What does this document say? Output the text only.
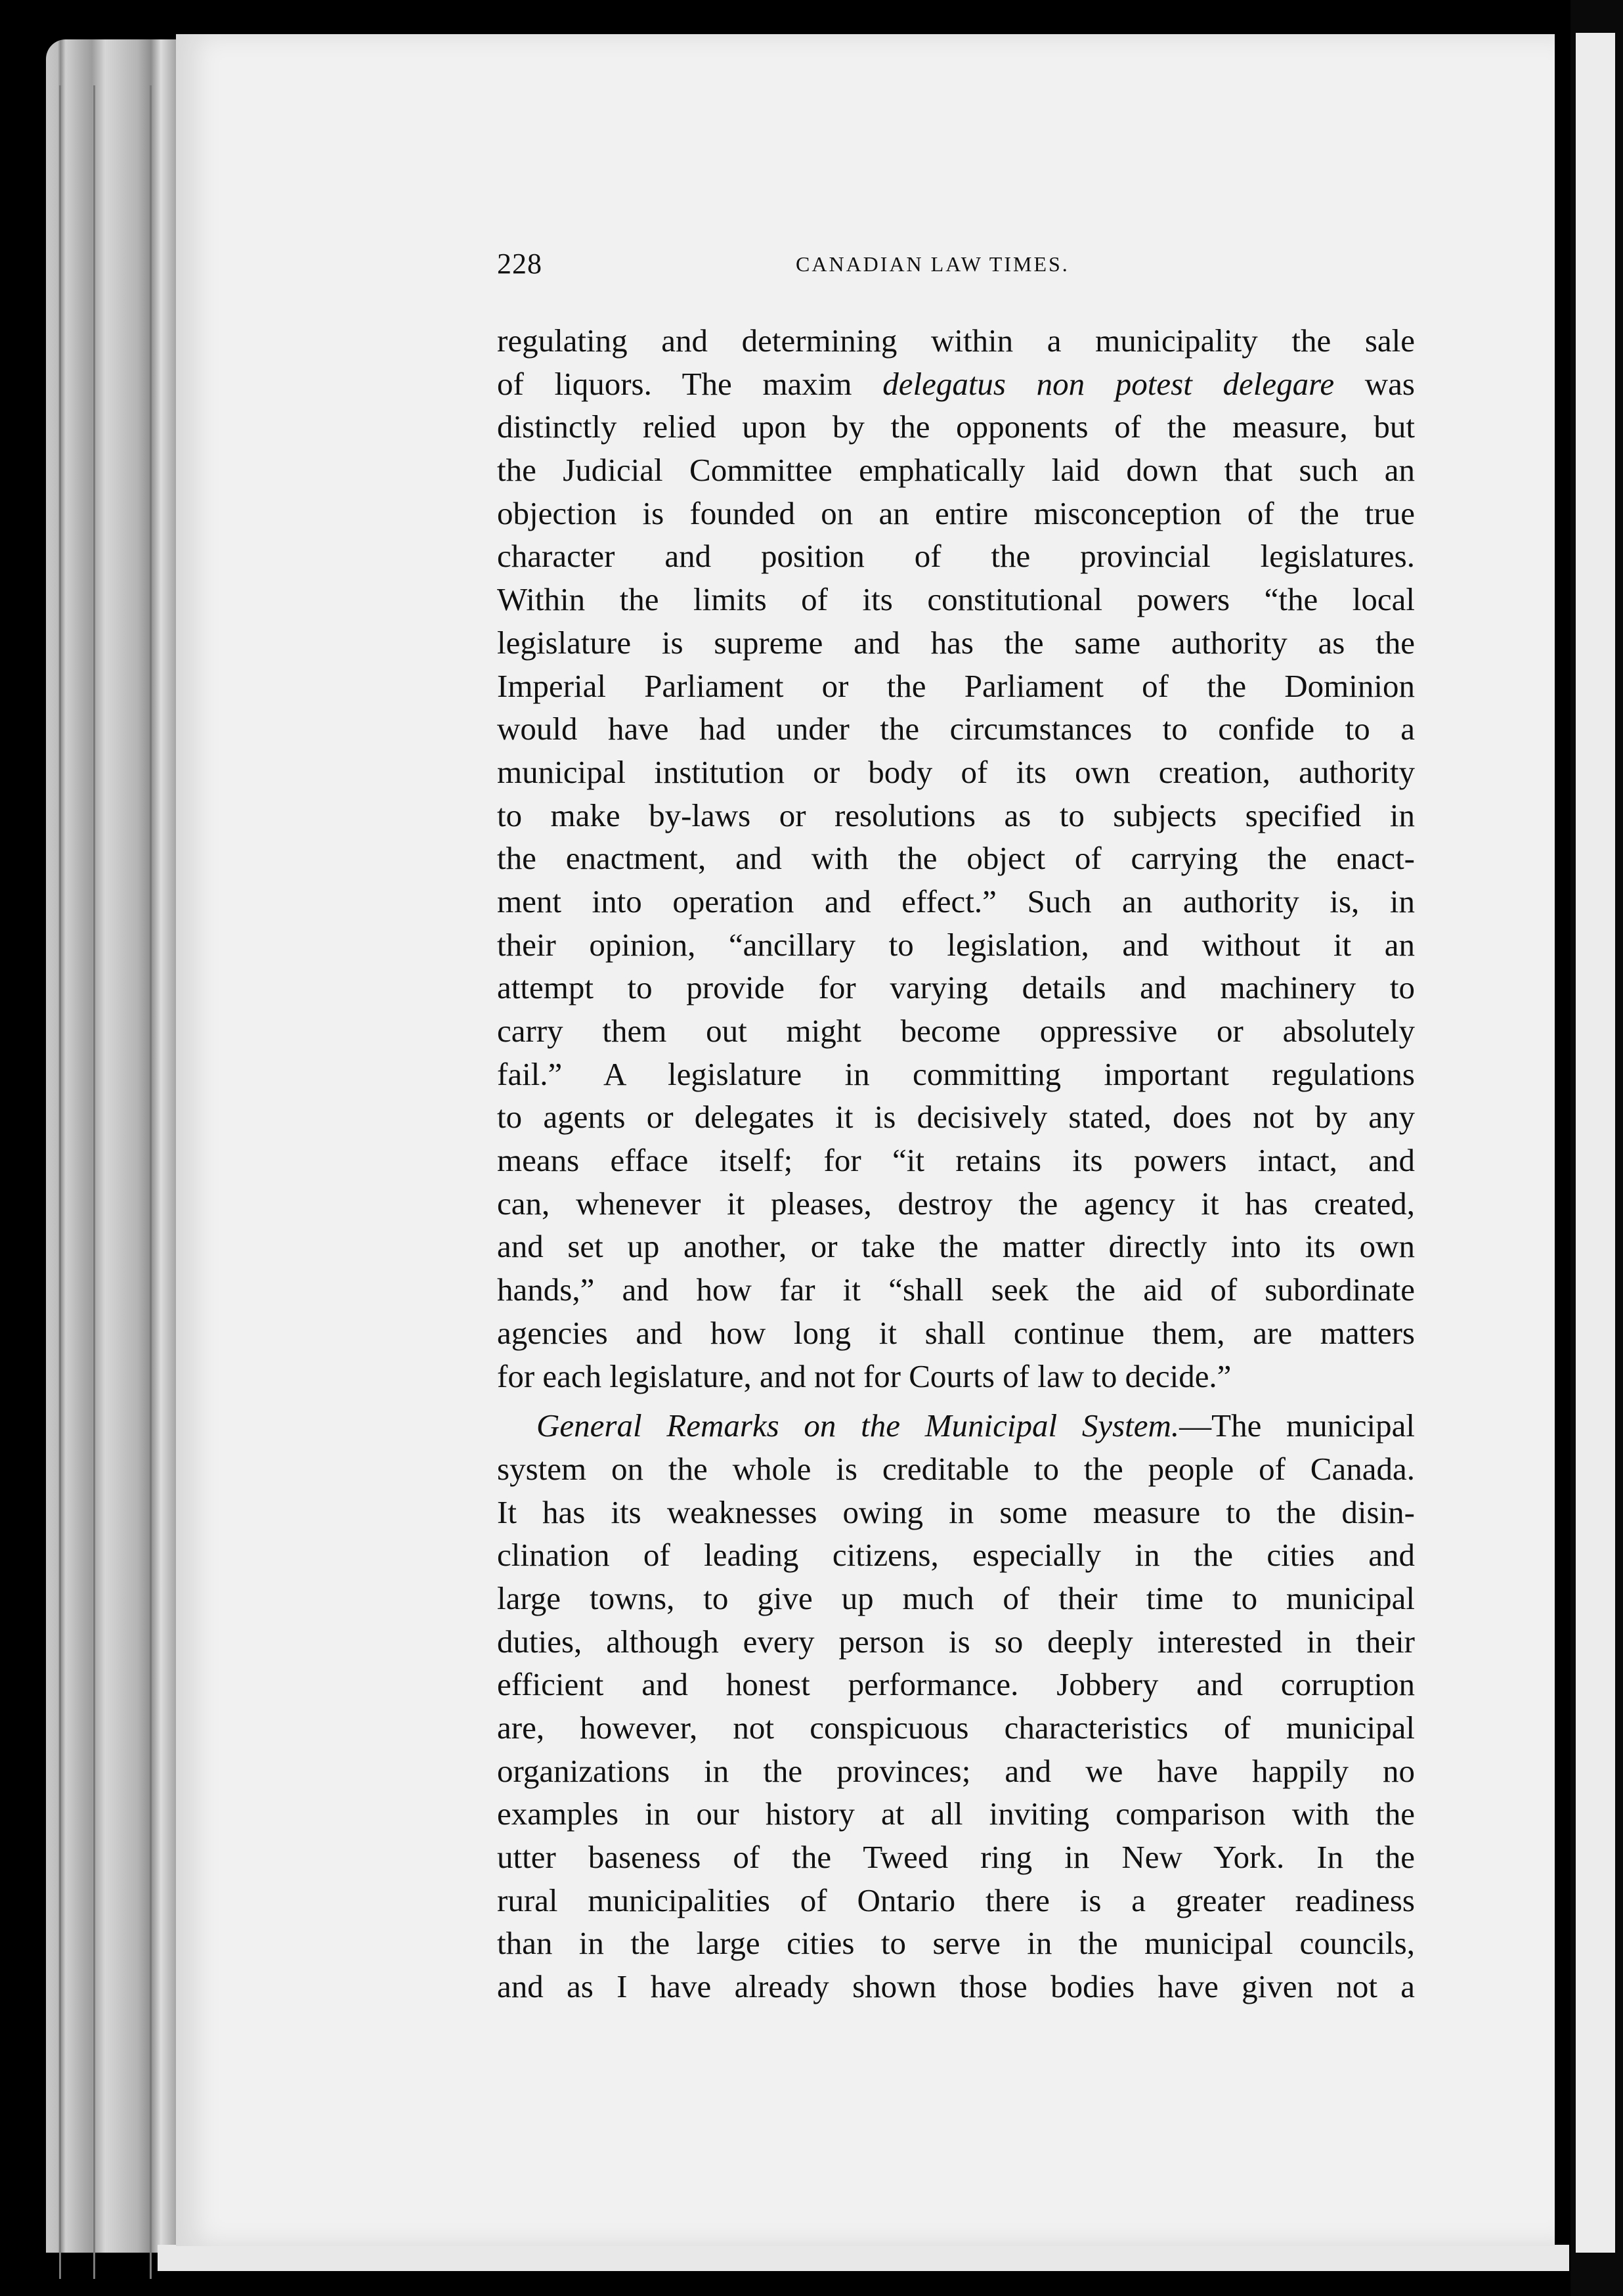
228	CANADIAN LAW TIMES.
regulating and determining within a municipality the sale
of liquors. The maxim delegatus non potest delegare was
distinctly relied upon by the opponents of the measure, but
the Judicial Committee emphatically laid down that such an
objection is founded on an entire misconception of the true
character and position of the provincial legislatures.
Within the limits of its constitutional powers “the local
legislature is supreme and has the same authority as the
Imperial Parliament or the Parliament of the Dominion
would have had under the circumstances to confide to a
municipal institution or body of its own creation, authority
to make by-laws or resolutions as to subjects specified in
the enactment, and with the object of carrying the enact-
ment into operation and effect.” Such an authority is, in
their opinion, “ancillary to legislation, and without it an
attempt to provide for varying details and machinery to
carry them out might become oppressive or absolutely
fail.” A legislature in committing important regulations
to agents or delegates it is decisively stated, does not by any
means efface itself; for “it retains its powers intact, and
can, whenever it pleases, destroy the agency it has created,
and set up another, or take the matter directly into its own
hands,” and how far it “shall seek the aid of subordinate
agencies and how long it shall continue them, are matters
for each legislature, and not for Courts of law to decide.”
General Remarks on the Municipal System.—The municipal
system on the whole is creditable to the people of Canada.
It has its weaknesses owing in some measure to the disin-
clination of leading citizens, especially in the cities and
large towns, to give up much of their time to municipal
duties, although every person is so deeply interested in their
efficient and honest performance. Jobbery and corruption
are, however, not conspicuous characteristics of municipal
organizations in the provinces; and we have happily no
examples in our history at all inviting comparison with the
utter baseness of the Tweed ring in New York. In the
rural municipalities of Ontario there is a greater readiness
than in the large cities to serve in the municipal councils,
and as I have already shown those bodies have given not a
